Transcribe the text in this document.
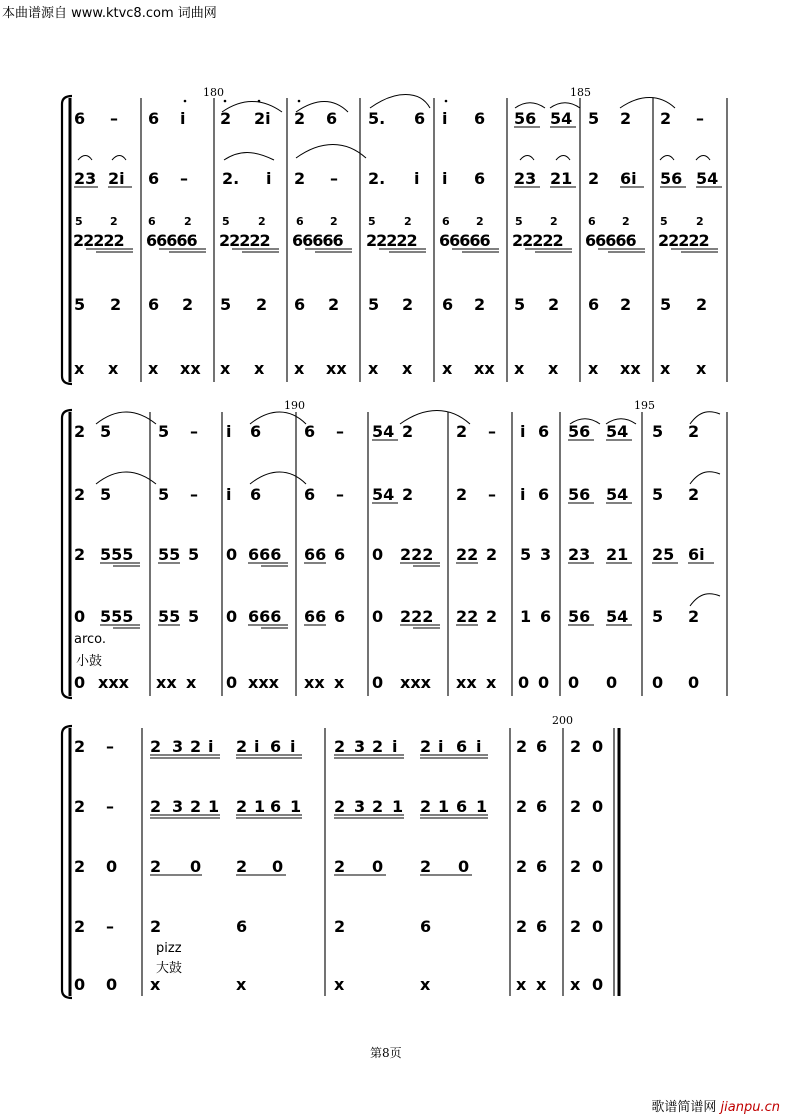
本曲谱源自 www.ktvc8.com 词曲网
180	185
6 – 6 i 2 2i 2 6 5. 6 i 6 56 54 5 2 2 –
23 2i 6 – 2. i 2 – 2. i i 6 23 21 2 6i 56 54
5 2	6	2	5	2	6 2	5	2	6 2	5 2	6 2	5	2
22222 66666 22222 66666 22222 66666 22222 66666 22222
5 2 6 2 5 2 6 2 5 2 6 2 5 2 6 2 5 2
x x x xx x x x xx x x x xx x x x xx x x
190	195
2 5	5 – i 6	6 – 54 2	2 – i 6 56 54 5 2
2 5	5 – i 6	6 – 54 2	2 – i 6 56 54 5 2
2 555 55 5 0 666 66 6 0 222 22 2 5 3 23 21 25 6i
0 555 55 5 0 666 66 6 0 222 22 2 1 6 56 54 5 2
arco.
小鼓
0 xxx xx x 0 xxx xx x 0 xxx xx x 0 0 0 0 0 0
200
2 – 2 3 2 i 2 i 6 i 2 3 2 i 2 i 6 i 2 6 2 0
2 – 2 3 2 1 2 1 6 1 2 3 2 1 2 1 6 1 2 6 2 0
2 0 2 0 2 0	2 0 2 0	2 6 2 0
2 – 2	6	2	6	2 6 2 0
pizz
大鼓
0 0 x	x	x	x	x x x 0
第8页
歌谱简谱网 jianpu.cn
